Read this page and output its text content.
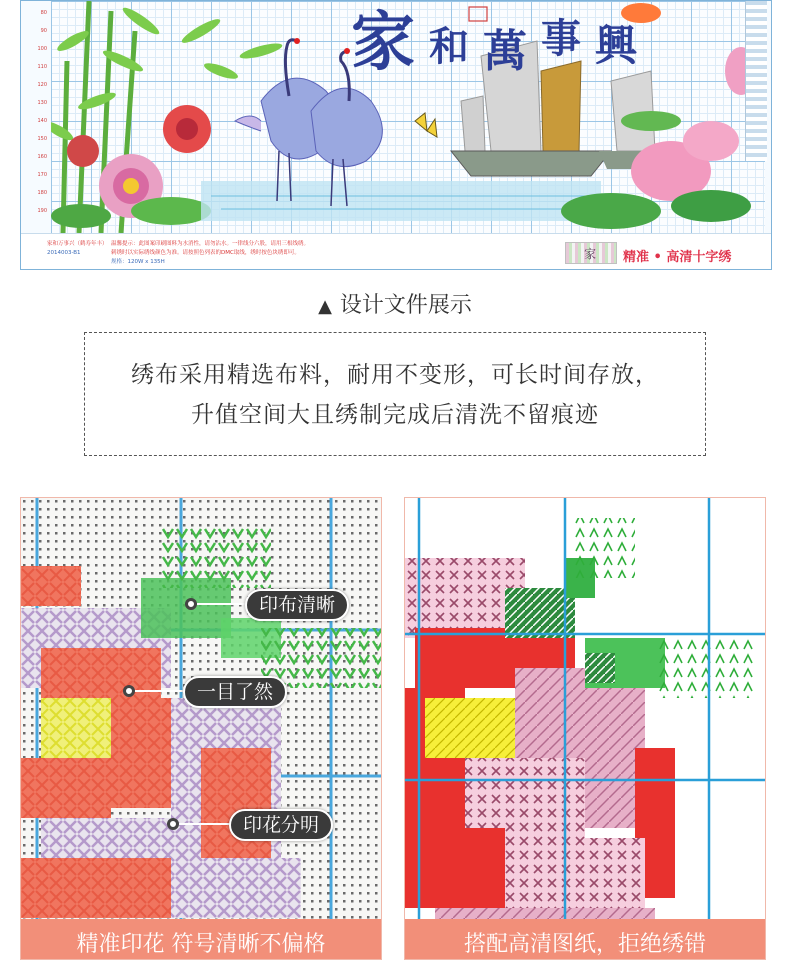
80
90
100
110
120
130
140
150
160
170
180
190
家 和 萬 事 興
家和万事兴（鹤寿年丰）
2014003-B1
温馨提示：此图案印刷图料为水消性，请勿沾水。一律线分六股，请用三根线绣。
刺绣时以实际绣线颜色为准。请按照色列表的DMC取线，绣时按色块绣即可。
规格：120W x 135H
家 精准 • 高清十字绣
▲ 设计文件展示

绣布采用精选布料，耐用不变形，可长时间存放，

升值空间大且绣制完成后清洗不留痕迹

印布清晰
一目了然
印花分明
精准印花 符号清晰不偏格	搭配高清图纸，拒绝绣错
